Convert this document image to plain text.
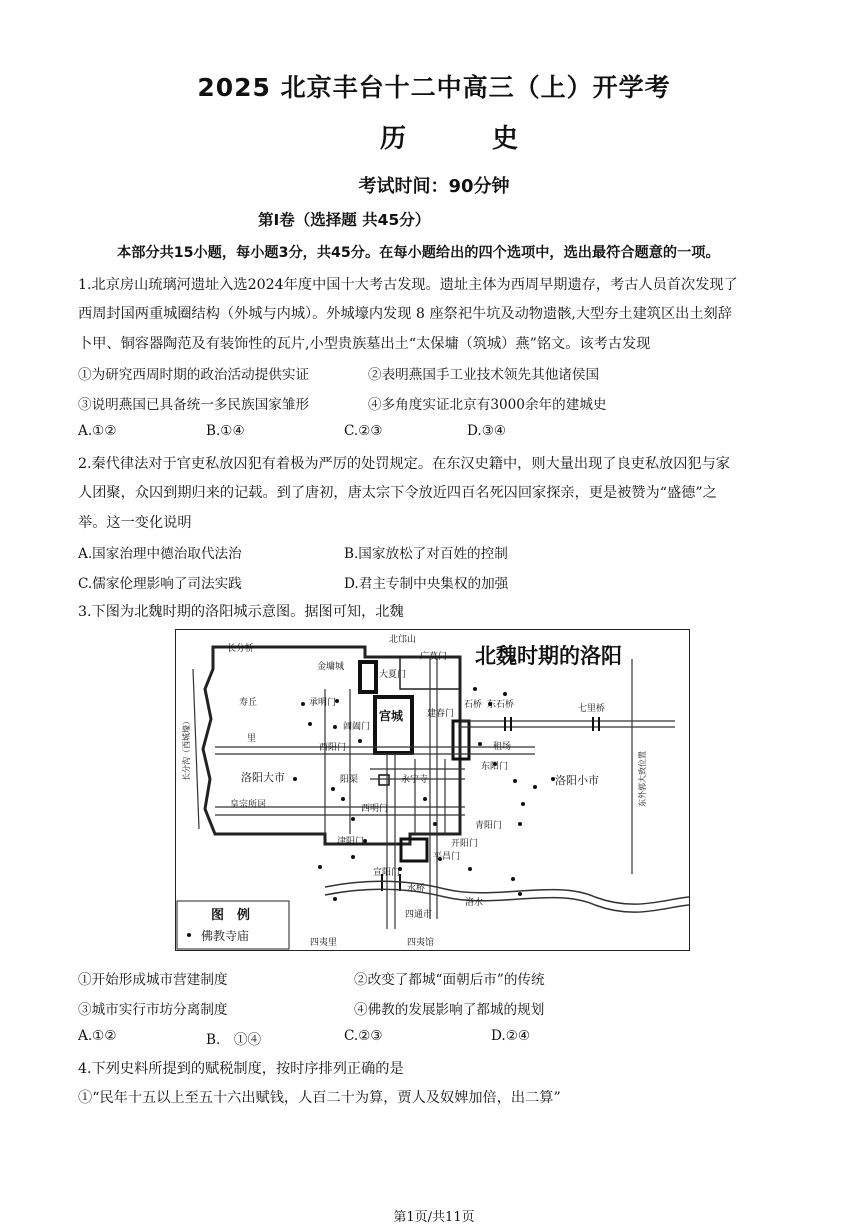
2025 北京丰台十二中高三（上）开学考
历　史
考试时间：90分钟
第Ⅰ卷（选择题 共45分）
本部分共15小题，每小题3分，共45分。在每小题给出的四个选项中，选出最符合题意的一项。
1.北京房山琉璃河遗址入选2024年度中国十大考古发现。遗址主体为西周早期遗存，考古人员首次发现了
西周封国两重城圈结构（外城与内城）。外城壕内发现 8 座祭祀牛坑及动物遗骸,大型夯土建筑区出土刻辞
卜甲、铜容器陶范及有装饰性的瓦片,小型贵族墓出土“太保墉（筑城）燕”铭文。该考古发现
①为研究西周时期的政治活动提供实证	②表明燕国手工业技术领先其他诸侯国
③说明燕国已具备统一多民族国家雏形	④多角度实证北京有3000余年的建城史
A.①②	B.①④	C.②③	D.③④
2.秦代律法对于官吏私放囚犯有着极为严厉的处罚规定。在东汉史籍中，则大量出现了良吏私放囚犯与家
人团聚，众囚到期归来的记载。到了唐初，唐太宗下令放近四百名死囚回家探亲，更是被赞为“盛德”之
举。这一变化说明
A.国家治理中德治取代法治	B.国家放松了对百姓的控制
C.儒家伦理影响了司法实践	D.君主专制中央集权的加强
3.下图为北魏时期的洛阳城示意图。据图可知，北魏
北魏时期的洛阳
宫城
北邙山
长分桥
金墉城
广莫门
大夏门
寿丘	承明门
建春门
石桥 东石桥	七里桥
里
阊阖门
西阳门	租场
洛阳大市	阳渠	永宁寺
东阳门
洛阳小市
皇宗所居	西明门
青阳门
津阳门	开阳门
平昌门
宣阳门
水桥
洛水
四通市
四夷里	四夷馆
长分沟（西城壕）	东外郭大致位置
图　例
佛教寺庙
①开始形成城市营建制度	②改变了都城“面朝后市”的传统
③城市实行市坊分离制度	④佛教的发展影响了都城的规划
A.①②	B.　①④	C.②③	D.②④
4.下列史料所提到的赋税制度，按时序排列正确的是
①“民年十五以上至五十六出赋钱，人百二十为算，贾人及奴婢加倍，出二算”
第1页/共11页
